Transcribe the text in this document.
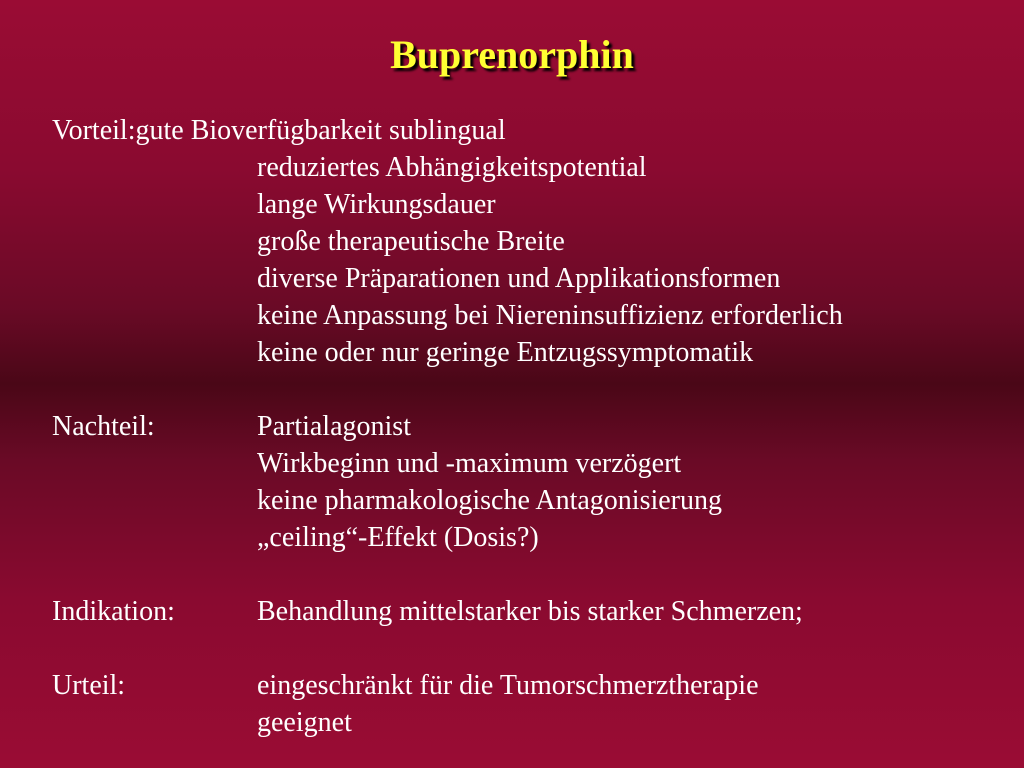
Buprenorphin
Vorteil:gute Bioverfügbarkeit sublingual
reduziertes Abhängigkeitspotential
lange Wirkungsdauer
große therapeutische Breite
diverse Präparationen und Applikationsformen
keine Anpassung bei Niereninsuffizienz erforderlich
keine oder nur geringe Entzugssymptomatik
Nachteil:	Partialagonist
Wirkbeginn und -maximum verzögert
keine pharmakologische Antagonisierung
„ceiling“-Effekt (Dosis?)
Indikation:	Behandlung mittelstarker bis starker Schmerzen;
Urteil:	eingeschränkt für die Tumorschmerztherapie
geeignet
